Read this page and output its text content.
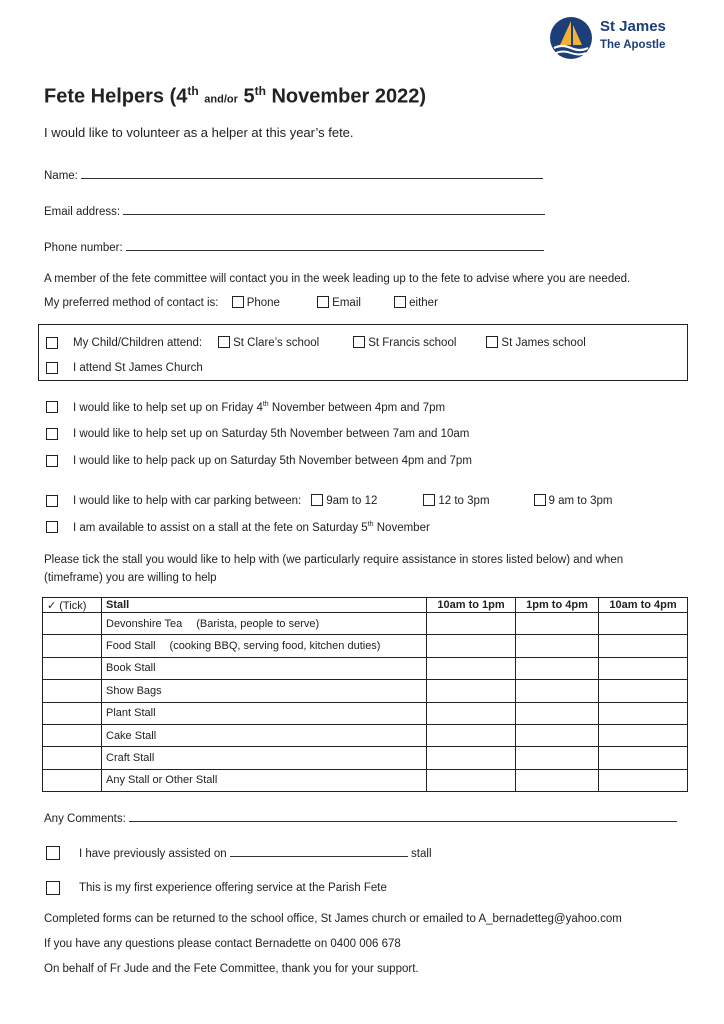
St James
The Apostle
Fete Helpers (4th and/or 5th November 2022)
I would like to volunteer as a helper at this year’s fete.
Name:
Email address:
Phone number:
A member of the fete committee will contact you in the week leading up to the fete to advise where you are needed.
My preferred method of contact is: Phone	Email	either
My Child/Children attend:	St Clare’s school	St Francis school	St James school
I attend St James Church
I would like to help set up on Friday 4th November between 4pm and 7pm
I would like to help set up on Saturday 5th November between 7am and 10am
I would like to help pack up on Saturday 5th November between 4pm and 7pm
I would like to help with car parking between:	9am to 12	12 to 3pm	9 am to 3pm
I am available to assist on a stall at the fete on Saturday 5th November
Please tick the stall you would like to help with (we particularly require assistance in stores listed below) and when (timeframe) you are willing to help
✓ (Tick)	Stall	10am to 1pm	1pm to 4pm	10am to 4pm
	Devonshire Tea (Barista, people to serve)			
	Food Stall (cooking BBQ, serving food, kitchen duties)			
	Book Stall			
	Show Bags			
	Plant Stall			
	Cake Stall			
	Craft Stall			
	Any Stall or Other Stall			
Any Comments:
I have previously assisted on	stall
This is my first experience offering service at the Parish Fete
Completed forms can be returned to the school office, St James church or emailed to A_bernadetteg@yahoo.com
If you have any questions please contact Bernadette on 0400 006 678
On behalf of Fr Jude and the Fete Committee, thank you for your support.
